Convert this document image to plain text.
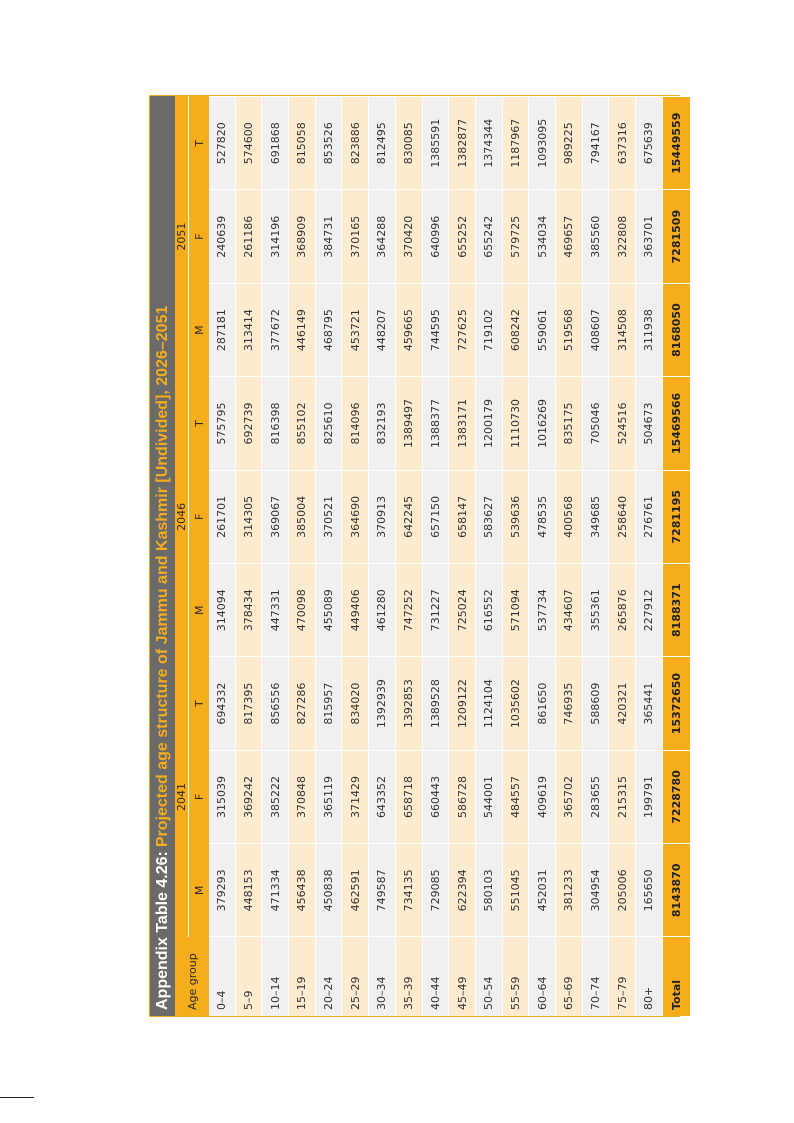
Appendix Table 4.26:
Projected age structure of Jammu and Kashmir [Undivided], 2026–2051
Age group	2041			2046			2051		
	M	F	T	M	F	T	M	F	T
0–4	379293	315039	694332	314094	261701	575795	287181	240639	527820
5–9	448153	369242	817395	378434	314305	692739	313414	261186	574600
10–14	471334	385222	856556	447331	369067	816398	377672	314196	691868
15–19	456438	370848	827286	470098	385004	855102	446149	368909	815058
20–24	450838	365119	815957	455089	370521	825610	468795	384731	853526
25–29	462591	371429	834020	449406	364690	814096	453721	370165	823886
30–34	749587	643352	1392939	461280	370913	832193	448207	364288	812495
35–39	734135	658718	1392853	747252	642245	1389497	459665	370420	830085
40–44	729085	660443	1389528	731227	657150	1388377	744595	640996	1385591
45–49	622394	586728	1209122	725024	658147	1383171	727625	655252	1382877
50–54	580103	544001	1124104	616552	583627	1200179	719102	655242	1374344
55–59	551045	484557	1035602	571094	539636	1110730	608242	579725	1187967
60–64	452031	409619	861650	537734	478535	1016269	559061	534034	1093095
65–69	381233	365702	746935	434607	400568	835175	519568	469657	989225
70–74	304954	283655	588609	355361	349685	705046	408607	385560	794167
75–79	205006	215315	420321	265876	258640	524516	314508	322808	637316
80+	165650	199791	365441	227912	276761	504673	311938	363701	675639
Total	8143870	7228780	15372650	8188371	7281195	15469566	8168050	7281509	15449559
